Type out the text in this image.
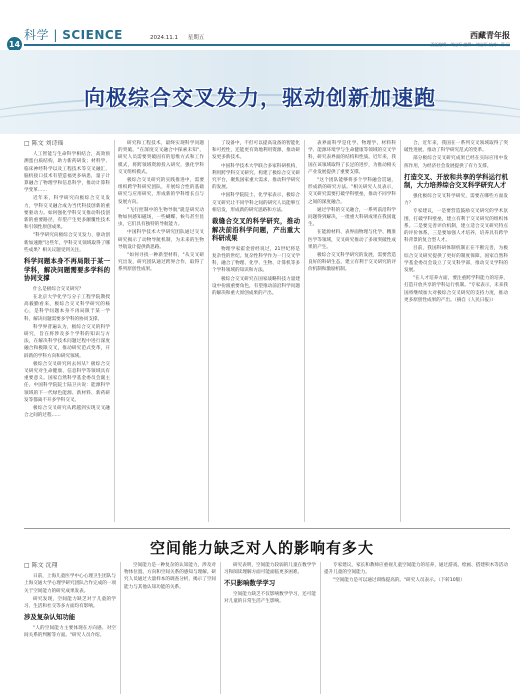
14
科学 | SCIENCE	2024.11.1 星期五	西藏青年报
向极综合交叉发力，驱动创新加速跑
□ 陈文 刘诗瑶

人工智能与生命科学相结合，高效预测蛋白质结构，助力新药研发；材料学、临床神经科学以及工程技术等交叉融汇，脑机接口技术有望造福更多病患，量子计算融合了物理学和信息科学，推动计算科学变革……

近年来，科学研究向极综合交叉发力，学科交叉融合成为当代科技创新的重要驱动力。如何强化学科交叉推动科技创新的重要路径，有望产生更多颠覆性技术和引领性原创成果。

"科学研究向极综合交叉发力，驱动创新加速跑"这些年，学科交叉领域取得了哪些成果？相关议题受到关注。

科学问题本身不再局限于某一学科，解决问题需要多学科的协同支撑

什么是极综合交叉研究？

在北京大学化学与分子工程学院教授高毅勤看来，极综合交叉科学研究的核心，是科学问题本身不再局限于某一学科，解决问题需要多学科的协同支撑。

科学界普遍认为，极综合交叉的科学研究，旨在将涉及多个学科的知识与方法，在解决科学技术问题过程中进行深度融合和极限交叉，推动研究范式变革，开辟新的学科方向和研究领域。

极综合交叉研究何去何从？极综合交叉研究对生命健康、信息科学等领域具有重要意义。国家自然科学基金委员会副主任、中国科学院院士陆卫兵说：能源科学领域的下一代绿色能源、新材料、新药研发等都离不开多学科交叉。

极综合交叉研究从跨越到实现交叉融合之间的过程……

研究和工程技术，最终实现科学问题的突破。"在深度交叉融合中探索未知"，研究人员需要突破固有的思维方式和工作模式，将跨领域资源投入研究，强化学科交叉组织模式。

极综合交叉研究的实践推进中，需要组织跨学科研究团队，开展综合性的基础研究与应用研究，形成新的学科增长点与发展方向。

"飞行控制中的生物导航"就是研究动物如何感知磁场，一些蝴蝶、候鸟甚至昆虫，它们具有独特的导航能力。

中国科学技术大学研究团队通过交叉研究揭示了动物导航机制，为未来的生物导航设计提供新思路。

"如何寻找一种新型材料，"从交叉研究出发，研究团队通过跨界合作，取得了系列原创性成果。

了设备中，不但可以提高设备的智能化和可控性，还能更有效地利用资源，推动研发更多新技术。

中国科学技术大学联合多家科研机构，利用跨学科交叉研究，构建了极综合交叉研究平台，聚焦国家重大需求，推动科学研究的发展。

中国科学院院士、化学家表示，极综合交叉研究让不同学科之间的研究人员能够互相启发，形成新的研究思路和方法。

裁缝合交叉的科学研究，推动解决前沿科学问题，产出重大科研成果

物理学家霍金曾经说过，21世纪将是复杂性的世纪。复杂性科学作为一门交叉学科，融合了物理、化学、生物、计算机等多个学科领域的知识和方法。

极综合交叉研究在国家战略科技力量建设中扮演重要角色，有望推动前沿科学问题的解决和重大原创成果的产出。

表界面科学是化学、物理学、材料科学、能源环境学与生命健康等领域的交叉学科，研究表界面的结构和性质。近年来，我国在该领域取得了长足的进步，为推动相关产业发展提供了重要支撑。

"这个团队能够将多个学科融会贯通，形成新的研究方法。"相关研究人员表示，交叉研究需要打破学科壁垒，推动不同学科之间的深度融合。

通过学科的交叉融合，一系列前沿科学问题得到解决，一批重大科研成果在我国诞生。

在能源材料、表界面物理与化学、精准医学等领域，交叉研究推动了多项突破性成果的产生。

极综合交叉科学研究的发展，需要营造良好的科研生态，建立有利于交叉研究的评价机制和激励机制。

合，近年来，我国在一系列交叉领域取得了突破性进展，推动了科学研究范式的变革。

部分极综合交叉研究成果已经在实际应用中发挥作用，为经济社会发展提供了有力支撑。

打造交叉、开放和共享的学科运行机制，大力培养综合交叉科学研究人才

强化极综合交叉科学研究，需要在哪些方面发力？

专家建议，一是要营造鼓励交叉研究的学术氛围，打破学科壁垒，建立有利于交叉研究的组织体系。二是要完善评价机制，建立适合交叉研究特点的评价体系。三是要加强人才培养，培养具有跨学科背景的复合型人才。

目前，我国科研体制机制正在不断完善，为极综合交叉研究提供了更好的制度保障。国家自然科学基金委员会设立了交叉科学部，推动交叉学科的发展。

"在人才培养方面，要注重跨学科能力的培养，打造开放共享的学科运行机制。"专家表示，未来我国将继续加大对极综合交叉研究的支持力度，推动更多原创性成果的产出。（摘自《人民日报》）

空间能力缺乏对人的影响有多大
□ 陈文 沈翔

日前，上海儿童医学中心心理卫生团队与上海交通大学心理学研究团队合作完成的一项关于空间能力的研究成果发表。

研究发现，空间能力缺乏对于儿童的学习、生活和社交等多方面均有影响。

涉及复杂认知功能

"人的空间能力主要体现在方向感、对空间关系的判断等方面。"研究人员介绍。

空间能力是一种复杂的认知能力，涉及对物体位置、方向和空间关系的感知与理解。研究人员通过大量样本的调查分析，揭示了空间能力与其他认知功能的关系。

研究表明，空间能力较弱的儿童在数学学习和阅读理解方面可能面临更多困难。

不只影响数学学习

空间能力缺乏不仅影响数学学习，还可能对儿童的日常生活产生影响。

专家建议，家长和教师应重视儿童空间能力的培养，通过游戏、绘画、搭建积木等活动提升儿童的空间能力。

"空间能力是可以通过训练提高的。"研究人员表示。（下转10版）
